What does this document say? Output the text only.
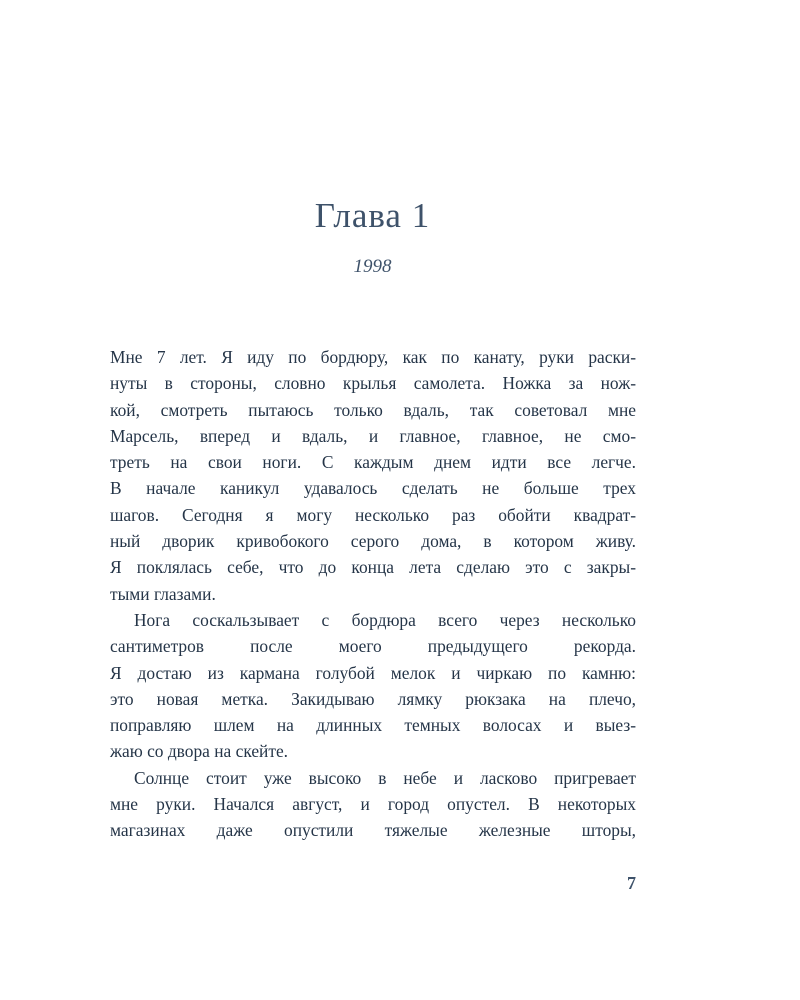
Глава 1
1998
Мне 7 лет. Я иду по бордюру, как по канату, руки раски-
нуты в стороны, словно крылья самолета. Ножка за нож-
кой, смотреть пытаюсь только вдаль, так советовал мне
Марсель, вперед и вдаль, и главное, главное, не смо-
треть на свои ноги. С каждым днем идти все легче.
В начале каникул удавалось сделать не больше трех
шагов. Сегодня я могу несколько раз обойти квадрат-
ный дворик кривобокого серого дома, в котором живу.
Я поклялась себе, что до конца лета сделаю это с закры-
тыми глазами.
Нога соскальзывает с бордюра всего через несколько
сантиметров после моего предыдущего рекорда.
Я достаю из кармана голубой мелок и чиркаю по камню:
это новая метка. Закидываю лямку рюкзака на плечо,
поправляю шлем на длинных темных волосах и выез-
жаю со двора на скейте.
Солнце стоит уже высоко в небе и ласково пригревает
мне руки. Начался август, и город опустел. В некоторых
магазинах даже опустили тяжелые железные шторы,
7
